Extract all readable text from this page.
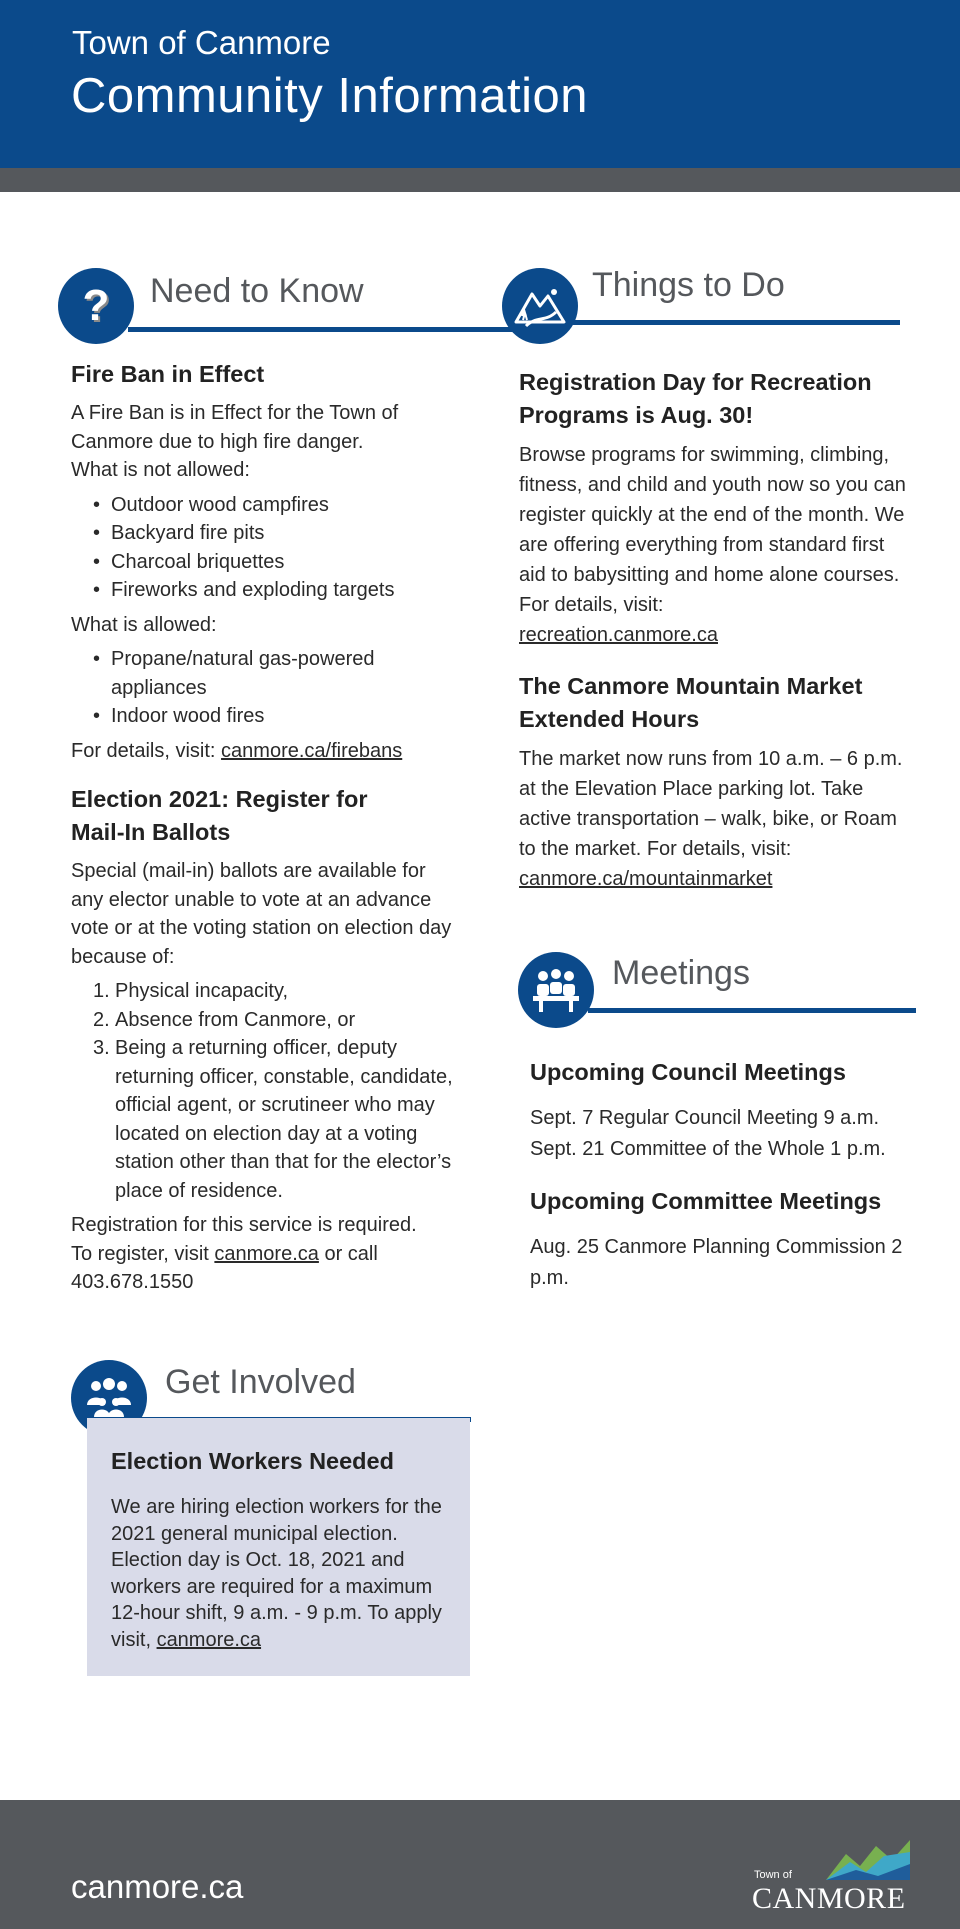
Town of Canmore
Community Information
? Need to Know
Fire Ban in Effect

A Fire Ban is in Effect for the Town of

Canmore due to high fire danger.

What is not allowed:

• Outdoor wood campfires
• Backyard fire pits
• Charcoal briquettes
• Fireworks and exploding targets

What is allowed:

• Propane/natural gas-powered appliances
• Indoor wood fires

For details, visit: canmore.ca/firebans

Election 2021: Register for Mail-In Ballots

Special (mail-in) ballots are available for any elector unable to vote at an advance vote or at the voting station on election day because of:

1. Physical incapacity,
2. Absence from Canmore, or
3. Being a returning officer, deputy returning officer, constable, candidate, official agent, or scrutineer who may located on election day at a voting station other than that for the elector’s place of residence.

Registration for this service is required.

To register, visit canmore.ca or call

403.678.1550

Things to Do
Registration Day for Recreation Programs is Aug. 30!

Browse programs for swimming, climbing, fitness, and child and youth now so you can register quickly at the end of the month. We are offering everything from standard first aid to babysitting and home alone courses. For details, visit:

recreation.canmore.ca

The Canmore Mountain Market Extended Hours

The market now runs from 10 a.m. – 6 p.m. at the Elevation Place parking lot. Take active transportation – walk, bike, or Roam to the market. For details, visit:

canmore.ca/mountainmarket

Meetings
Upcoming Council Meetings

Sept. 7 Regular Council Meeting 9 a.m.

Sept. 21 Committee of the Whole 1 p.m.

Upcoming Committee Meetings

Aug. 25 Canmore Planning Commission 2 p.m.

Get Involved
Election Workers Needed

We are hiring election workers for the 2021 general municipal election. Election day is Oct. 18, 2021 and workers are required for a maximum 12-hour shift, 9 a.m. - 9 p.m. To apply visit, canmore.ca

canmore.ca	Town of
CANMORE
